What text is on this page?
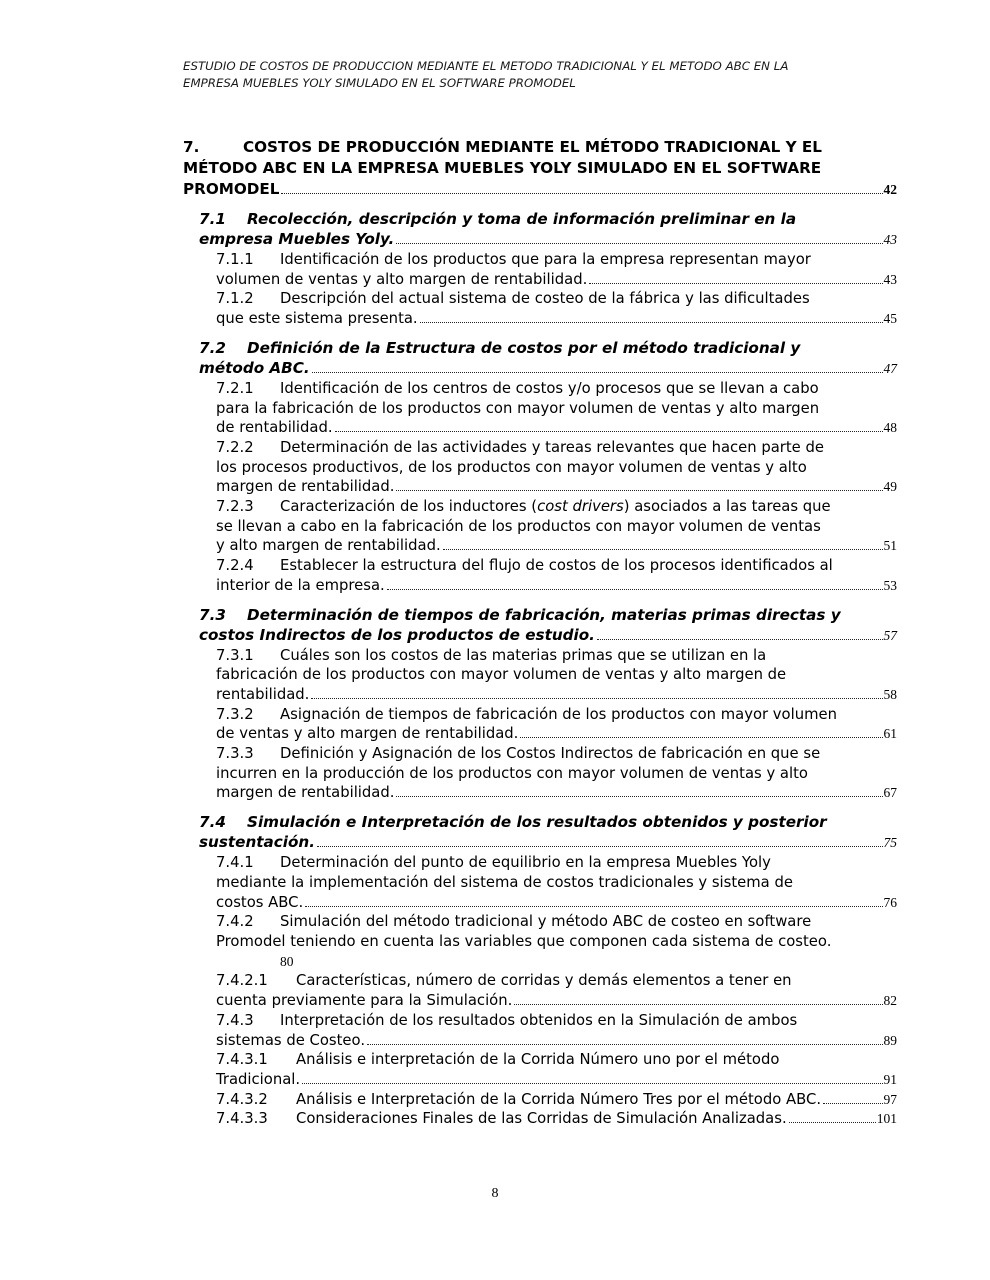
ESTUDIO DE COSTOS DE PRODUCCION MEDIANTE EL METODO TRADICIONAL Y EL METODO ABC EN LA
EMPRESA MUEBLES YOLY SIMULADO EN EL SOFTWARE PROMODEL
7.	COSTOS DE PRODUCCIÓN MEDIANTE EL MÉTODO TRADICIONAL Y EL
MÉTODO ABC EN LA EMPRESA MUEBLES YOLY SIMULADO EN EL SOFTWARE
PROMODEL	42
7.1 Recolección, descripción y toma de información preliminar en la
empresa Muebles Yoly.	43
7.1.1 Identificación de los productos que para la empresa representan mayor
volumen de ventas y alto margen de rentabilidad.	43
7.1.2 Descripción del actual sistema de costeo de la fábrica y las dificultades
que este sistema presenta.	45
7.2 Definición de la Estructura de costos por el método tradicional y
método ABC.	47
7.2.1 Identificación de los centros de costos y/o procesos que se llevan a cabo
para la fabricación de los productos con mayor volumen de ventas y alto margen
de rentabilidad.	48
7.2.2 Determinación de las actividades y tareas relevantes que hacen parte de
los procesos productivos, de los productos con mayor volumen de ventas y alto
margen de rentabilidad.	49
7.2.3 Caracterización de los inductores (cost drivers) asociados a las tareas que
se llevan a cabo en la fabricación de los productos con mayor volumen de ventas
y alto margen de rentabilidad.	51
7.2.4 Establecer la estructura del flujo de costos de los procesos identificados al
interior de la empresa.	53
7.3 Determinación de tiempos de fabricación, materias primas directas y
costos Indirectos de los productos de estudio.	57
7.3.1 Cuáles son los costos de las materias primas que se utilizan en la
fabricación de los productos con mayor volumen de ventas y alto margen de
rentabilidad.	58
7.3.2 Asignación de tiempos de fabricación de los productos con mayor volumen
de ventas y alto margen de rentabilidad.	61
7.3.3 Definición y Asignación de los Costos Indirectos de fabricación en que se
incurren en la producción de los productos con mayor volumen de ventas y alto
margen de rentabilidad.	67
7.4 Simulación e Interpretación de los resultados obtenidos y posterior
sustentación.	75
7.4.1 Determinación del punto de equilibrio en la empresa Muebles Yoly
mediante la implementación del sistema de costos tradicionales y sistema de
costos ABC.	76
7.4.2 Simulación del método tradicional y método ABC de costeo en software
Promodel teniendo en cuenta las variables que componen cada sistema de costeo.
80
7.4.2.1 Características, número de corridas y demás elementos a tener en
cuenta previamente para la Simulación.	82
7.4.3 Interpretación de los resultados obtenidos en la Simulación de ambos
sistemas de Costeo.	89
7.4.3.1 Análisis e interpretación de la Corrida Número uno por el método
Tradicional.	91
7.4.3.2	Análisis e Interpretación de la Corrida Número Tres por el método ABC.	97
7.4.3.3	Consideraciones Finales de las Corridas de Simulación Analizadas.	101
8
